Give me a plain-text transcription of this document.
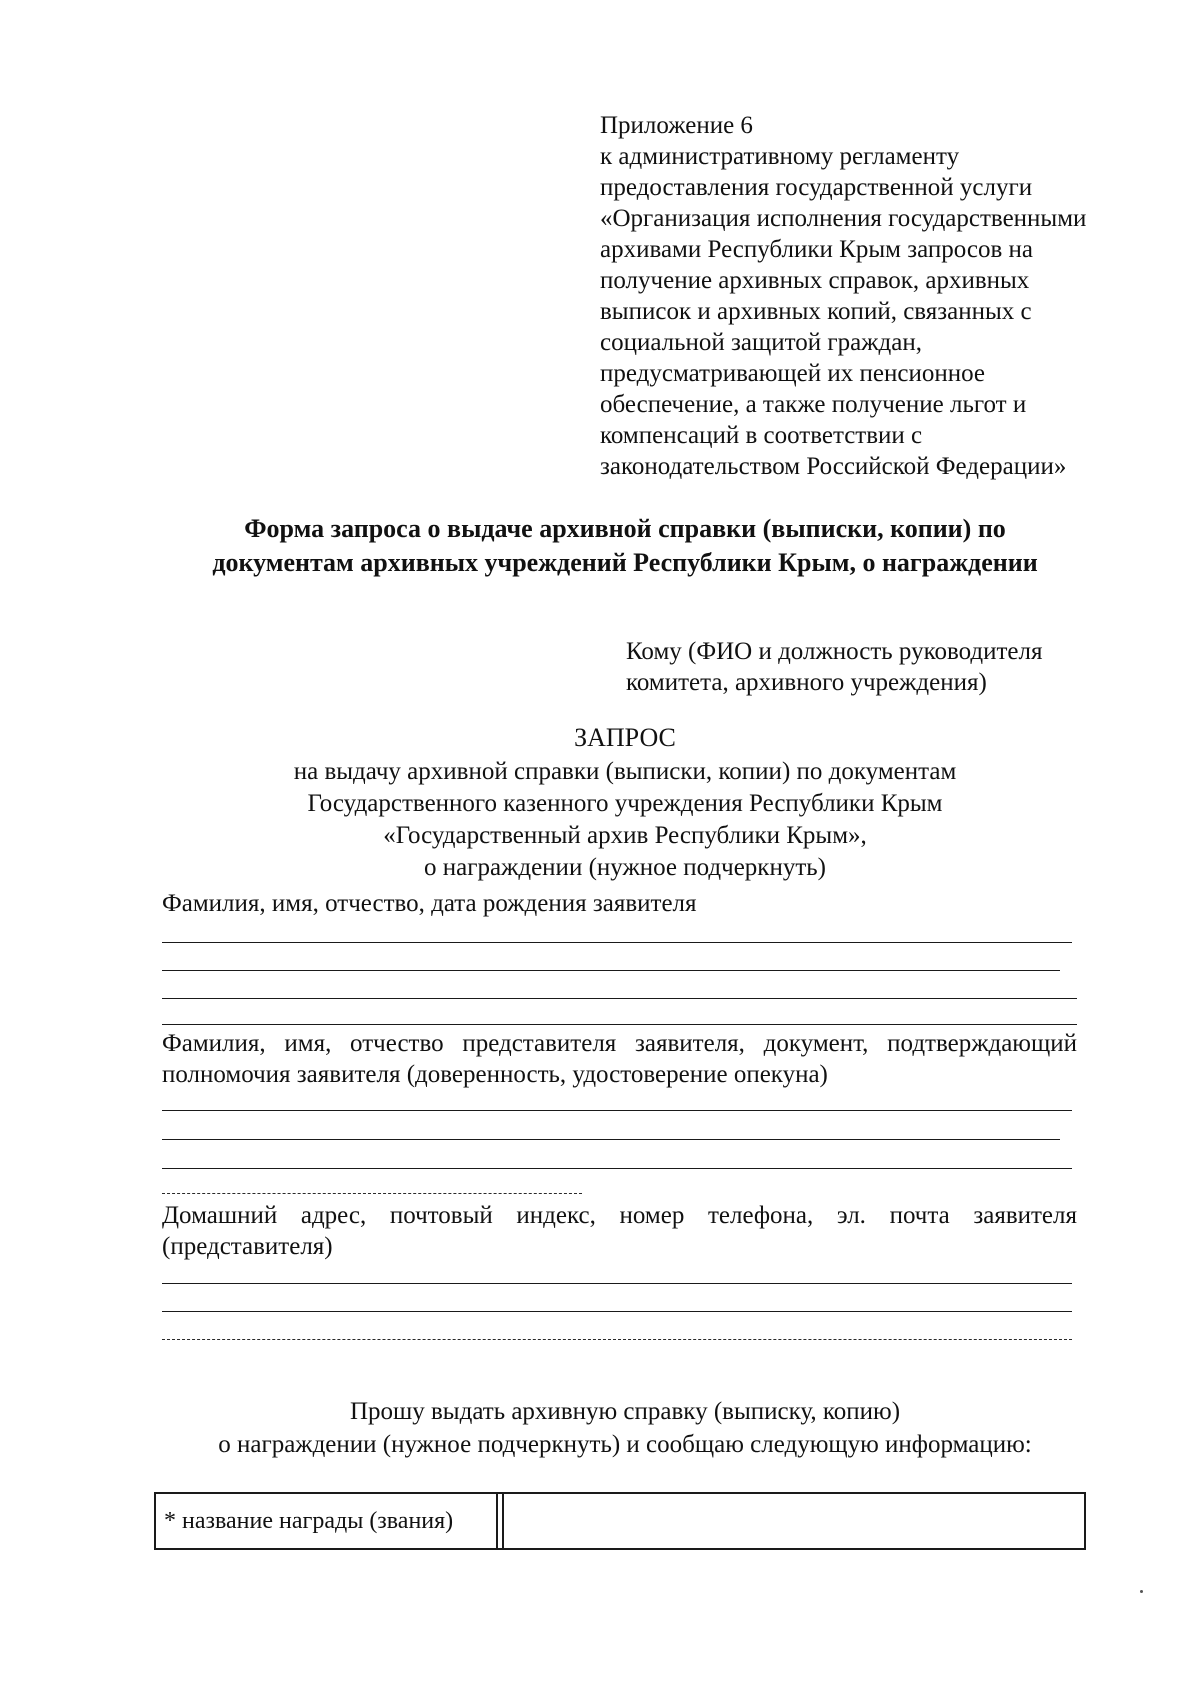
Приложение 6
к административному регламенту
предоставления государственной услуги
«Организация исполнения государственными
архивами Республики Крым запросов на
получение архивных справок, архивных
выписок и архивных копий, связанных с
социальной защитой граждан,
предусматривающей их пенсионное
обеспечение, а также получение льгот и
компенсаций в соответствии с
законодательством Российской Федерации»
Форма запроса о выдаче архивной справки (выписки, копии) по
документам архивных учреждений Республики Крым, о награждении
Кому (ФИО и должность руководителя
комитета, архивного учреждения)
ЗАПРОС
на выдачу архивной справки (выписки, копии) по документам
Государственного казенного учреждения Республики Крым
«Государственный архив Республики Крым»,
о награждении (нужное подчеркнуть)
Фамилия, имя, отчество, дата рождения заявителя
Фамилия, имя, отчество представителя заявителя, документ, подтверждающий полномочия заявителя (доверенность, удостоверение опекуна)
Домашний адрес, почтовый индекс, номер телефона, эл. почта заявителя (представителя)
Прошу выдать архивную справку (выписку, копию)
о награждении (нужное подчеркнуть) и сообщаю следующую информацию:
* название награды (звания)
